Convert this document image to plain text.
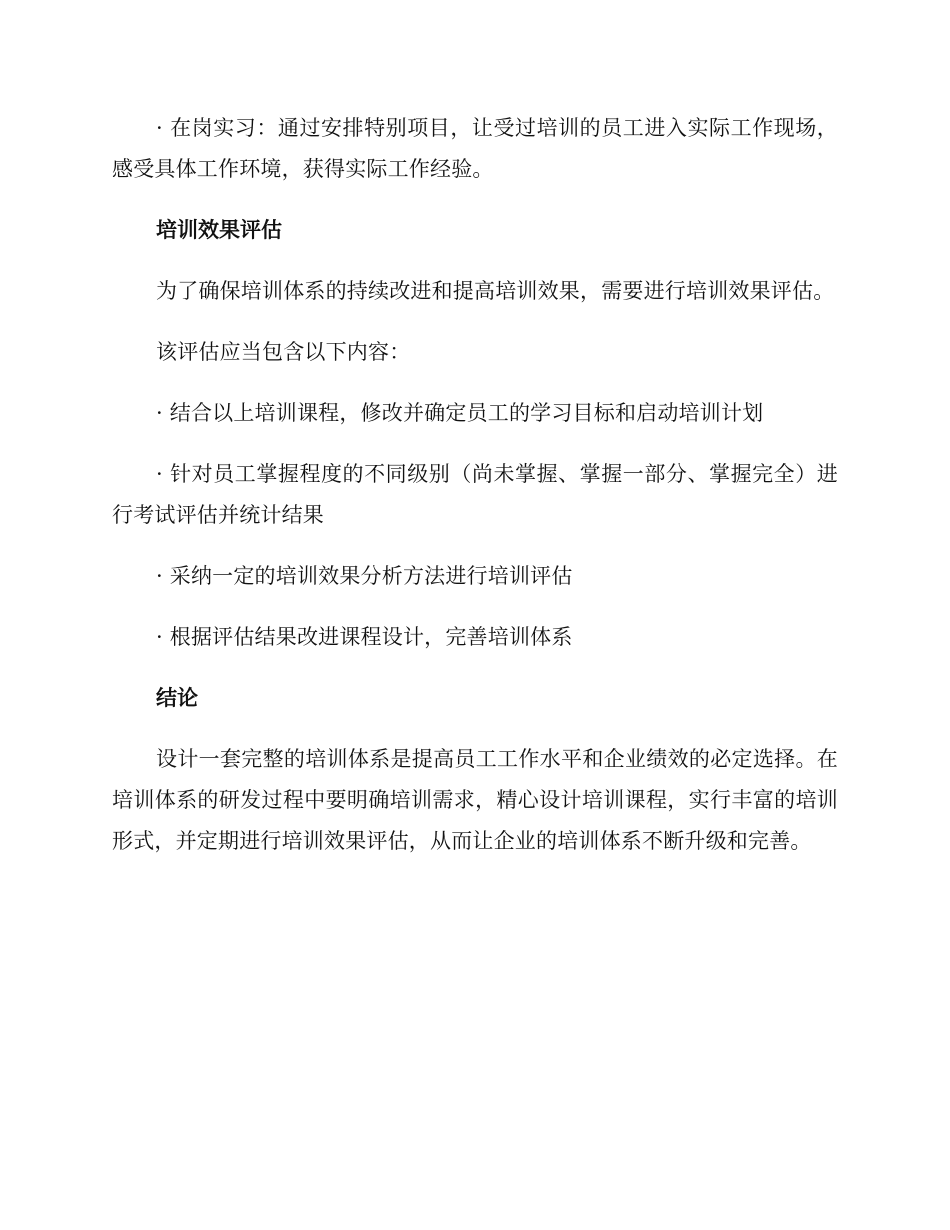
· 在岗实习：通过安排特别项目，让受过培训的员工进入实际工作现场，感受具体工作环境，获得实际工作经验。

培训效果评估

为了确保培训体系的持续改进和提高培训效果，需要进行培训效果评估。

该评估应当包含以下内容：

· 结合以上培训课程，修改并确定员工的学习目标和启动培训计划

· 针对员工掌握程度的不同级别（尚未掌握、掌握一部分、掌握完全）进行考试评估并统计结果

· 采纳一定的培训效果分析方法进行培训评估

· 根据评估结果改进课程设计，完善培训体系

结论

设计一套完整的培训体系是提高员工工作水平和企业绩效的必定选择。在培训体系的研发过程中要明确培训需求，精心设计培训课程，实行丰富的培训形式，并定期进行培训效果评估，从而让企业的培训体系不断升级和完善。
